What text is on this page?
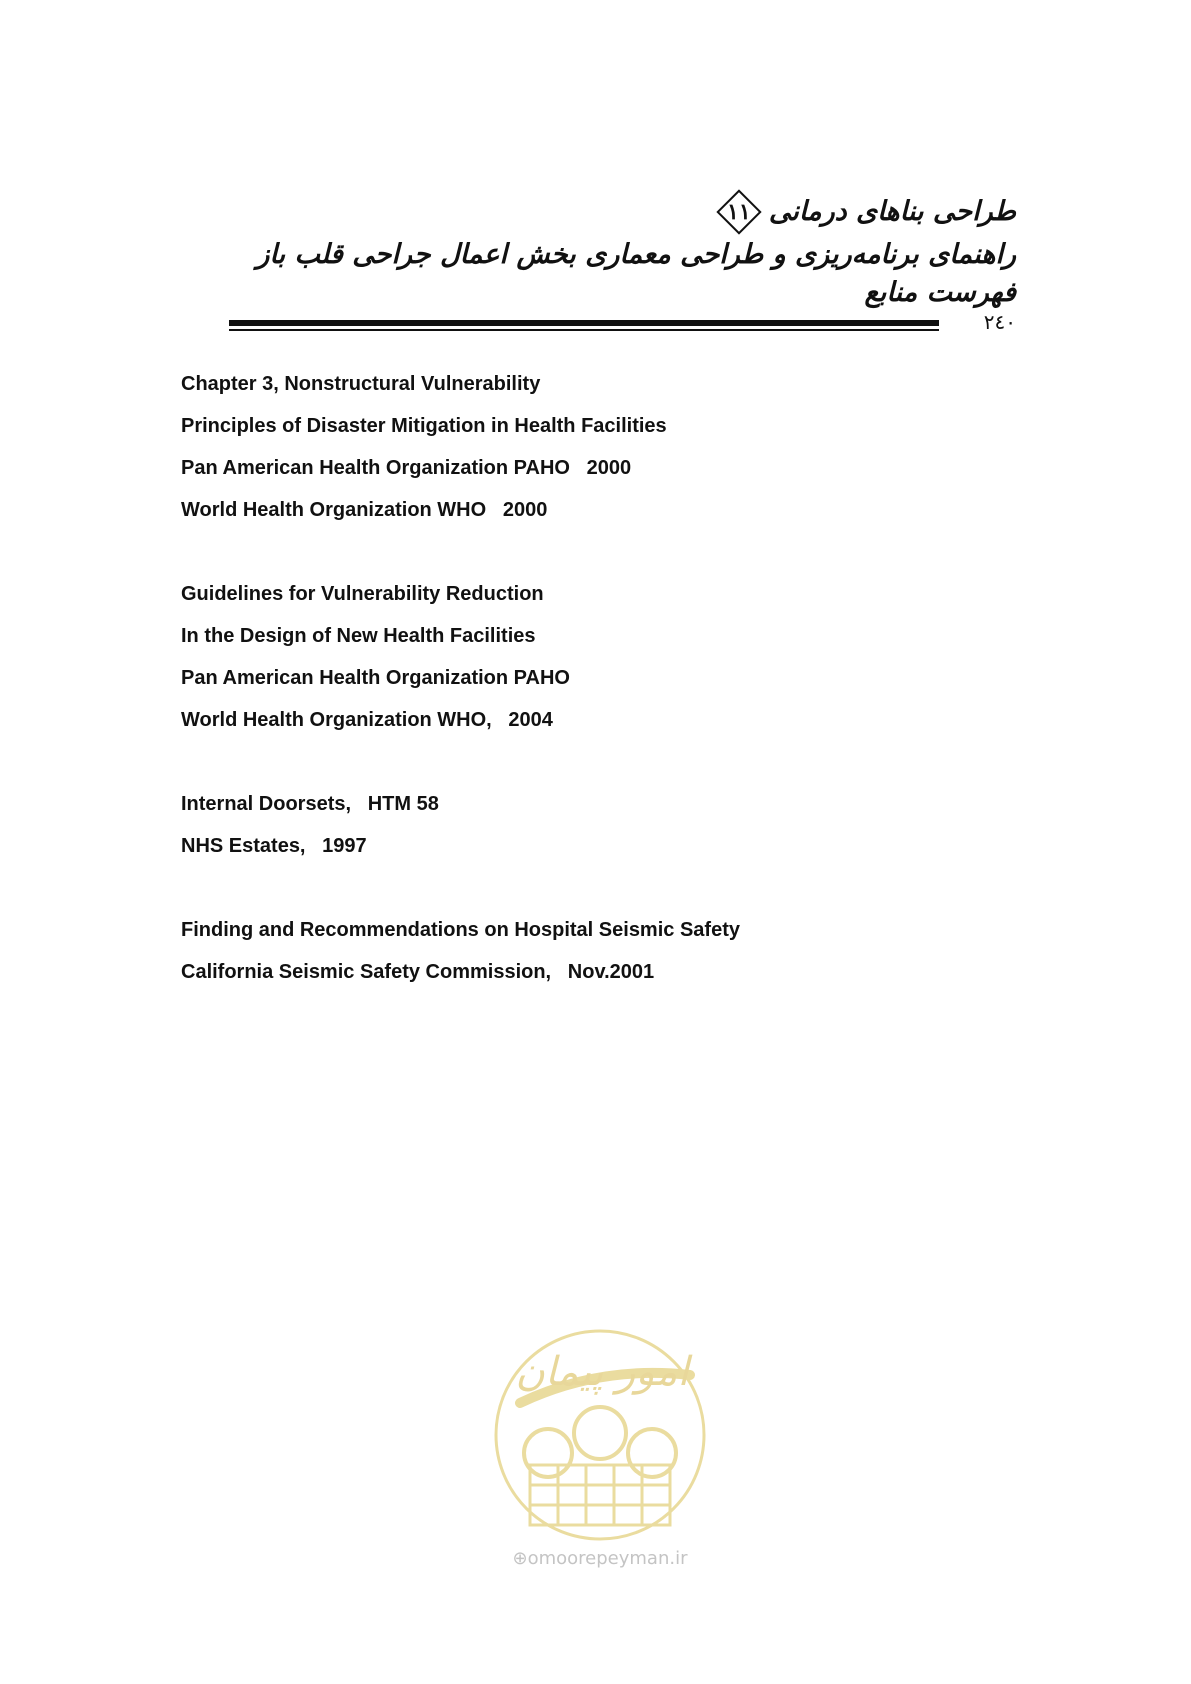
طراحی بناهای درمانی
١١
راهنمای برنامه‌ریزی و طراحی معماری بخش اعمال جراحی قلب باز
فهرست منابع
٢٤٠
Chapter 3, Nonstructural Vulnerability
Principles of Disaster Mitigation in Health Facilities
Pan American Health Organization PAHO   2000
World Health Organization WHO   2000
Guidelines for Vulnerability Reduction
In the Design of New Health Facilities
Pan American Health Organization PAHO
World Health Organization WHO,   2004
Internal Doorsets,   HTM 58
NHS Estates,   1997
Finding and Recommendations on Hospital Seismic Safety
California Seismic Safety Commission,   Nov.2001
امور پیمان
⊕omoorepeyman.ir
